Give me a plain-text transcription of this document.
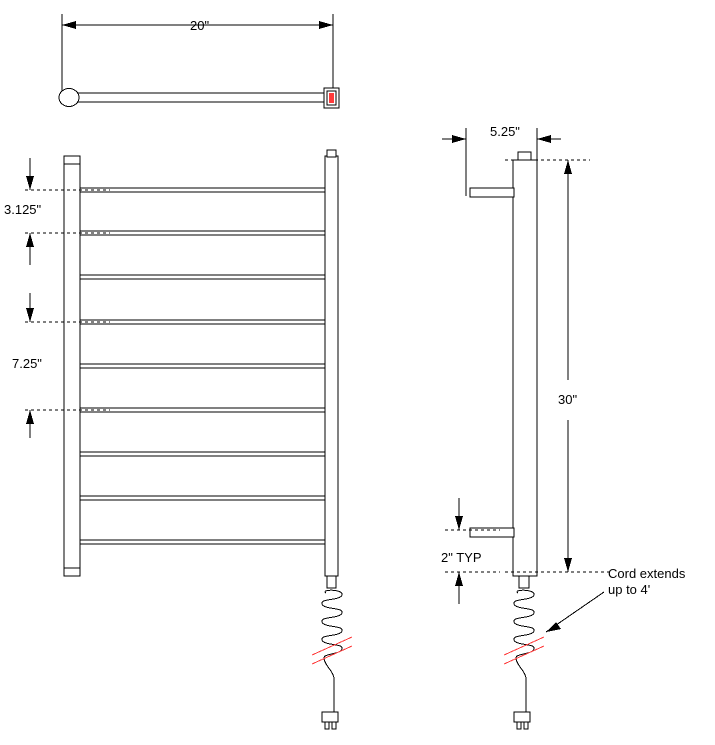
20"
3.125"
7.25"
5.25"
30"
2" TYP
Cord extends
up to 4'
